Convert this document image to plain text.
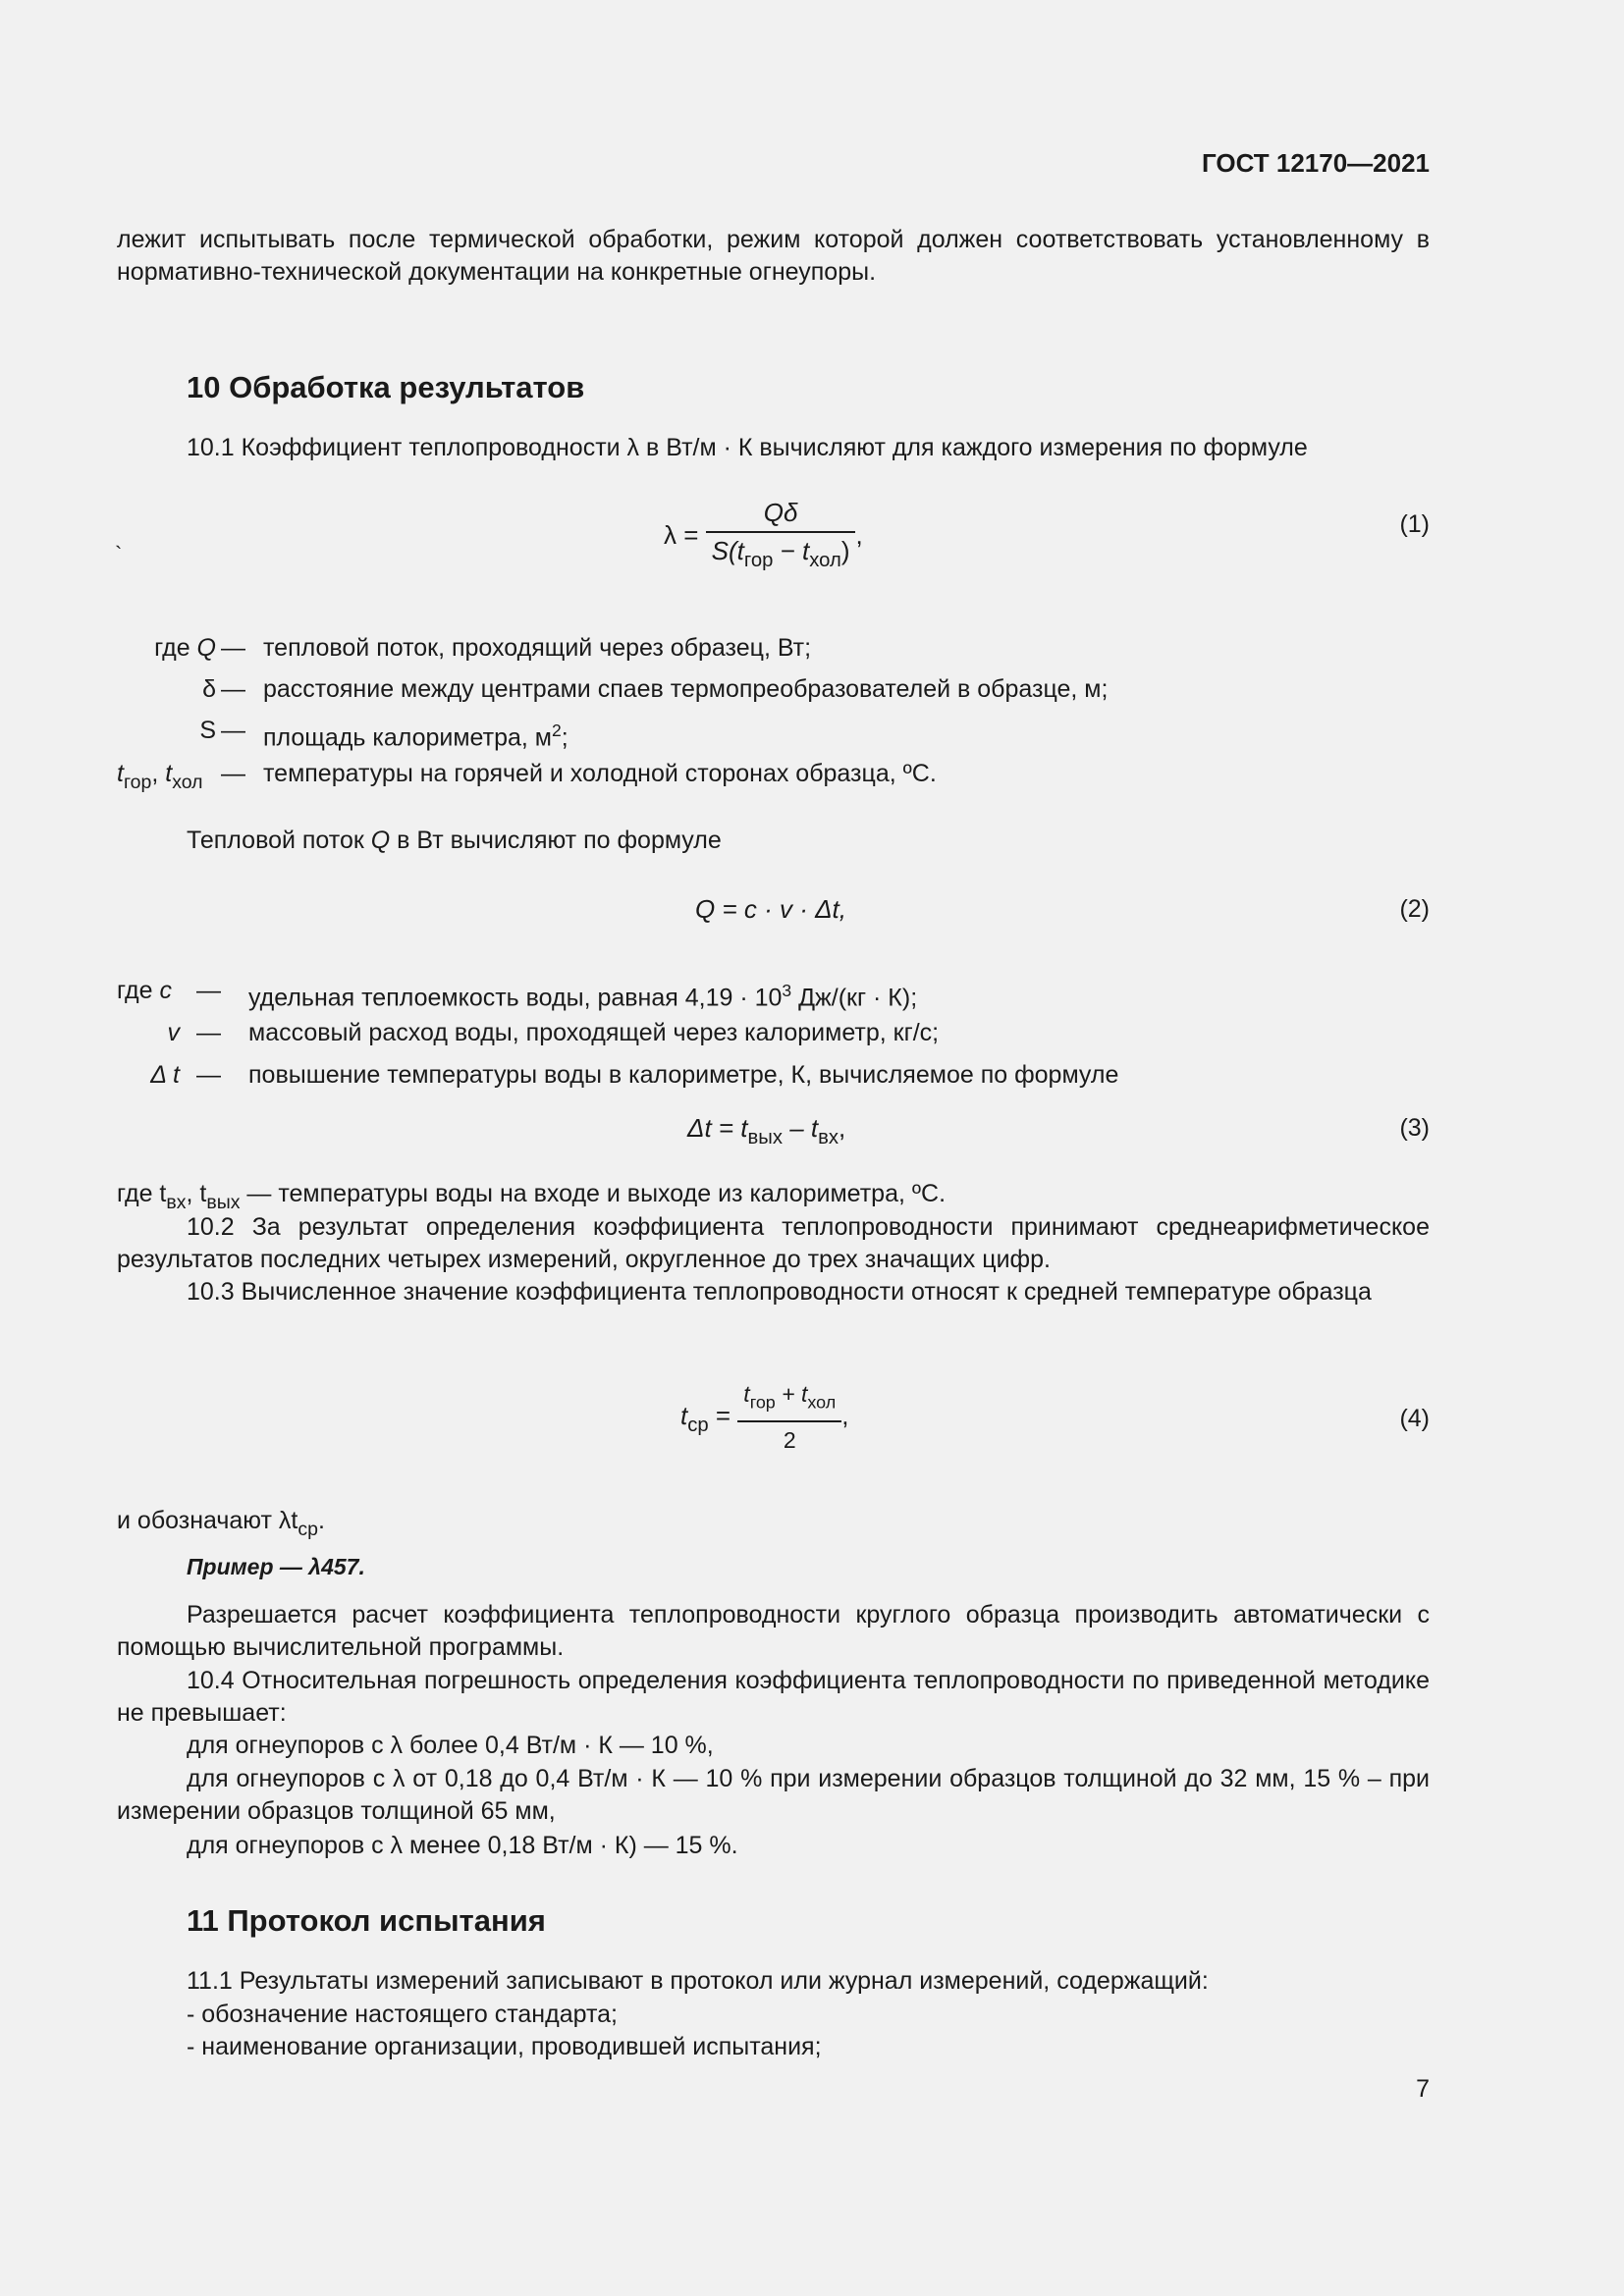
ГОСТ 12170—2021
лежит испытывать после термической обработки, режим которой должен соответствовать установленному в нормативно-технической документации на конкретные огнеупоры.
10 Обработка результатов
10.1 Коэффициент теплопроводности λ в Вт/м · К вычисляют для каждого измерения по формуле
`
$\lambda = \frac{Q\delta}{S(t_{гор} - t_{хол})}$ ,	(1)
где Q — тепловой поток, проходящий через образец, Вт;
δ — расстояние между центрами спаев термопреобразователей в образце, м;
S — площадь калориметра, $м^2$;
$t_{гор}$, $t_{хол}$ — температуры на горячей и холодной сторонах образца, ºС.
Тепловой поток Q в Вт вычисляют по формуле
Q = c · v · Δt,	(2)
где c — удельная теплоемкость воды, равная $4,19 \cdot 10^3$ Дж/(кг · К);
v — массовый расход воды, проходящей через калориметр, кг/с;
Δ t — повышение температуры воды в калориметре, К, вычисляемое по формуле
$\Delta t = t_{вых} - t_{вх}$,	(3)
где $t_{вх}$, $t_{вых}$ — температуры воды на входе и выходе из калориметра, ºС.
10.2 За результат определения коэффициента теплопроводности принимают среднеарифметическое результатов последних четырех измерений, округленное до трех значащих цифр.
10.3 Вычисленное значение коэффициента теплопроводности относят к средней температуре образца
$t_{ср} = \frac{t_{гор} + t_{хол}}{2}$ ,	(4)
и обозначают $\lambda t_{ср}$.
Пример — λ457.
Разрешается расчет коэффициента теплопроводности круглого образца производить автоматически с помощью вычислительной программы.
10.4 Относительная погрешность определения коэффициента теплопроводности по приведенной методике не превышает:
для огнеупоров с λ более 0,4 Вт/м · К — 10 %,
для огнеупоров с λ от 0,18 до 0,4 Вт/м · К — 10 % при измерении образцов толщиной до 32 мм, 15 % – при измерении образцов толщиной 65 мм,
для огнеупоров с λ менее 0,18 Вт/м · К) — 15 %.
11 Протокол испытания
11.1 Результаты измерений записывают в протокол или журнал измерений, содержащий:
- обозначение настоящего стандарта;
- наименование организации, проводившей испытания;
7
